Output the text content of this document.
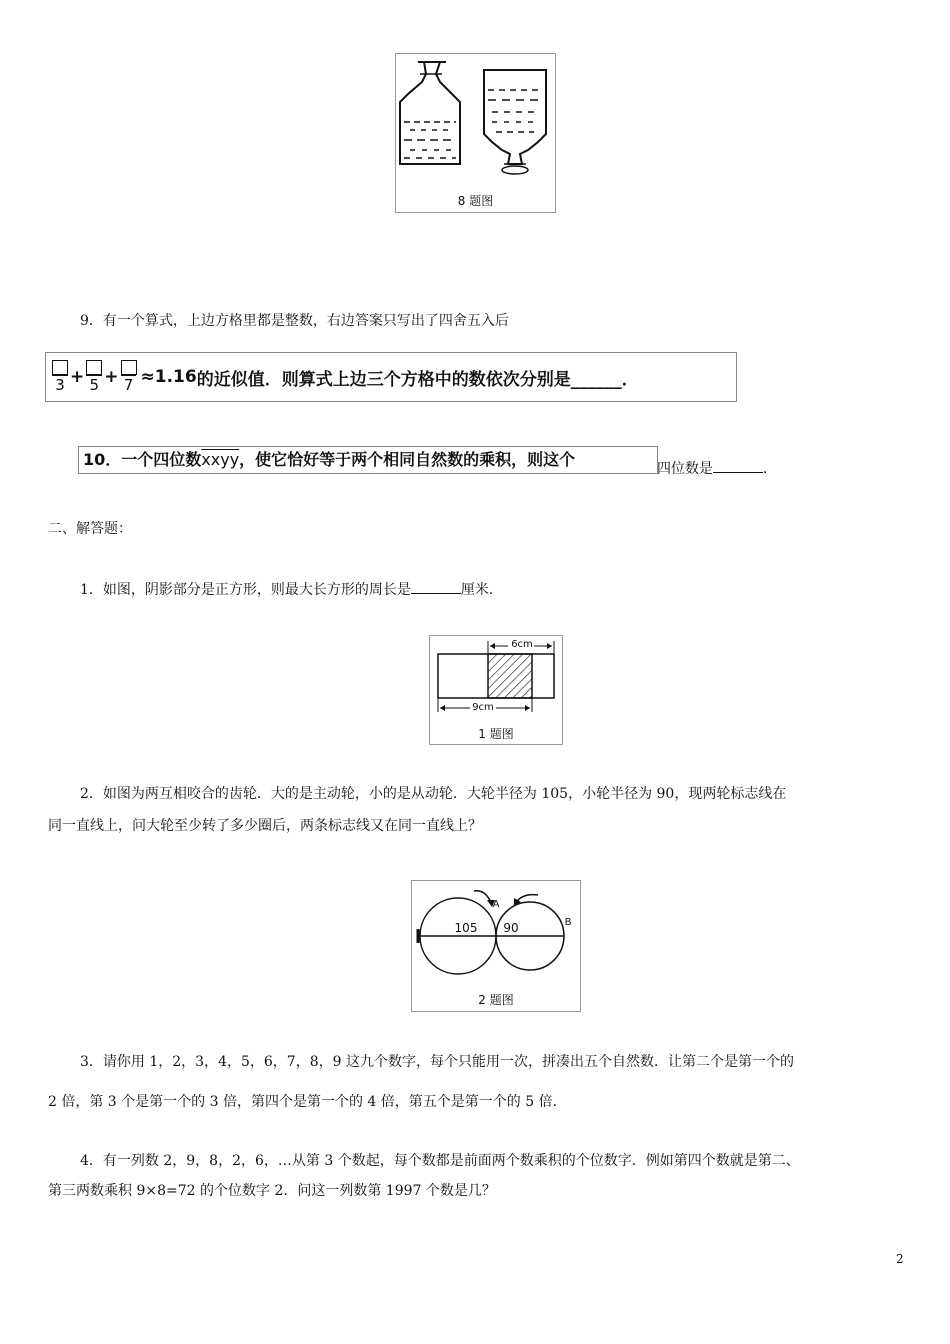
8 题图
9．有一个算式，上边方格里都是整数，右边答案只写出了四舍五入后
3 + 5 + 7 ≈1.16 的近似值．则算式上边三个方格中的数依次分别是______．
10．一个四位数xxyy，使它恰好等于两个相同自然数的乘积，则这个	四位数是	．
二、解答题：
1．如图，阴影部分是正方形，则最大长方形的周长是	厘米．
6cm
9cm
1 题图
2．如图为两互相咬合的齿轮．大的是主动轮，小的是从动轮．大轮半径为 105，小轮半径为 90，现两轮标志线在
同一直线上，问大轮至少转了多少圈后，两条标志线又在同一直线上？
105	90
A
B
2 题图
3．请你用 1，2，3，4，5，6，7，8，9 这九个数字，每个只能用一次，拼凑出五个自然数．让第二个是第一个的
2 倍，第 3 个是第一个的 3 倍，第四个是第一个的 4 倍，第五个是第一个的 5 倍．
4．有一列数 2，9，8，2，6，…从第 3 个数起，每个数都是前面两个数乘积的个位数字．例如第四个数就是第二、
第三两数乘积 9×8=72 的个位数字 2．问这一列数第 1997 个数是几？
2
